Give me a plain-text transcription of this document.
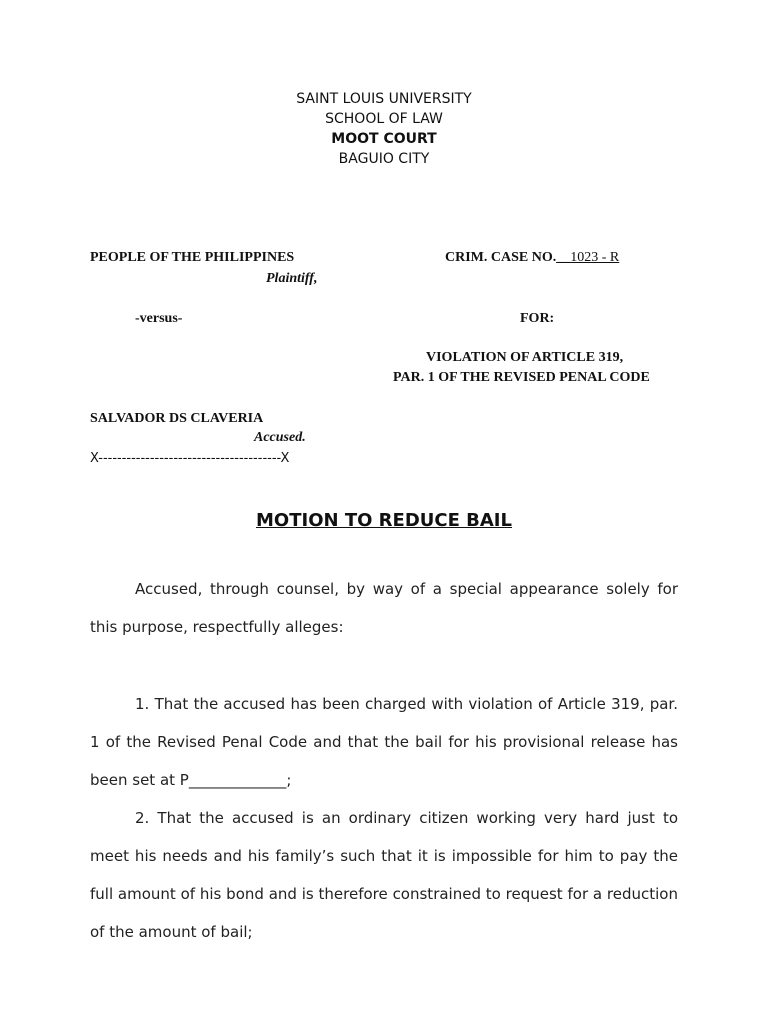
SAINT LOUIS UNIVERSITY
SCHOOL OF LAW
MOOT COURT
BAGUIO CITY
PEOPLE OF THE PHILIPPINES
Plaintiff,
CRIM. CASE NO.__1023 - R
-versus-	FOR:
VIOLATION OF ARTICLE 319,
PAR. 1 OF THE REVISED PENAL CODE
SALVADOR DS CLAVERIA
Accused.
X---------------------------------------X
MOTION TO REDUCE BAIL
Accused, through counsel, by way of a special appearance solely for this purpose, respectfully alleges:
1. That the accused has been charged with violation of Article 319, par. 1 of the Revised Penal Code and that the bail for his provisional release has been set at P_____________;
2. That the accused is an ordinary citizen working very hard just to meet his needs and his family’s such that it is impossible for him to pay the full amount of his bond and is therefore constrained to request for a reduction of the amount of bail;
